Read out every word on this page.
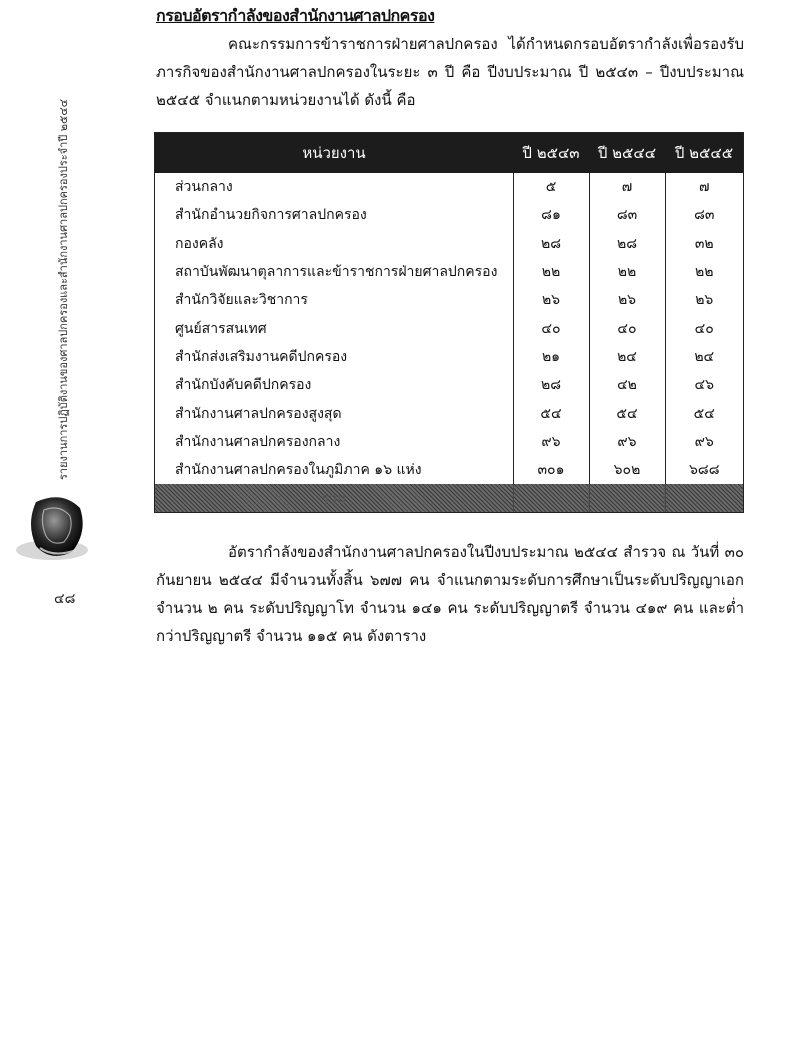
กรอบอัตรากำลังของสำนักงานศาลปกครอง
คณะกรรมการข้าราชการฝ่ายศาลปกครอง ได้กำหนดกรอบอัตรากำลังเพื่อรองรับภารกิจของสำนักงานศาลปกครองในระยะ ๓ ปี คือ ปีงบประมาณ ปี ๒๕๔๓ – ปีงบประมาณ ๒๕๔๕ จำแนกตามหน่วยงานได้ ดังนี้ คือ
หน่วยงาน	ปี ๒๕๔๓	ปี ๒๕๔๔	ปี ๒๕๔๕
ส่วนกลาง	๕	๗	๗
สำนักอำนวยกิจการศาลปกครอง	๘๑	๘๓	๘๓
กองคลัง	๒๘	๒๘	๓๒
สถาบันพัฒนาตุลาการและข้าราชการฝ่ายศาลปกครอง	๒๒	๒๒	๒๒
สำนักวิจัยและวิชาการ	๒๖	๒๖	๒๖
ศูนย์สารสนเทศ	๔๐	๔๐	๔๐
สำนักส่งเสริมงานคดีปกครอง	๒๑	๒๔	๒๔
สำนักบังคับคดีปกครอง	๒๘	๔๒	๔๖
สำนักงานศาลปกครองสูงสุด	๕๔	๕๔	๕๔
สำนักงานศาลปกครองกลาง	๙๖	๙๖	๙๖
สำนักงานศาลปกครองในภูมิภาค ๑๖ แห่ง	๓๐๑	๖๐๒	๖๘๘
รวม			
อัตรากำลังของสำนักงานศาลปกครองในปีงบประมาณ ๒๕๔๔ สำรวจ ณ วันที่ ๓๐ กันยายน ๒๕๔๔ มีจำนวนทั้งสิ้น ๖๗๗ คน จำแนกตามระดับการศึกษาเป็นระดับปริญญาเอก จำนวน ๒ คน ระดับปริญญาโท จำนวน ๑๔๑ คน ระดับปริญญาตรี จำนวน ๔๑๙ คน และต่ำกว่าปริญญาตรี จำนวน ๑๑๕ คน ดังตาราง
รายงานการปฏิบัติงานของศาลปกครองและสำนักงานศาลปกครองประจำปี ๒๕๔๔
๔๘
